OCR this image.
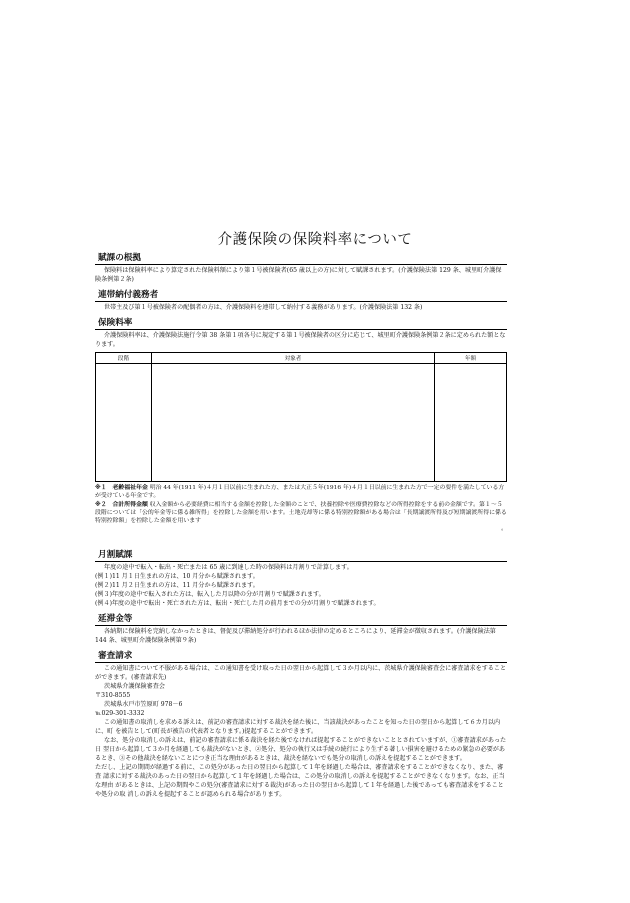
介護保険の保険料率について
賦課の根拠
保険料は保険料率により算定された保険料額により第１号被保険者(65 歳以上の方)に対して賦課されます。(介護保険法第 129 条、城里町介護保険条例第２条)
連帯納付義務者
世帯主及び第１号被保険者の配偶者の方は、介護保険料を連帯して納付する義務があります。(介護保険法第 132 条)
保険料率
介護保険料率は、介護保険法施行令第 38 条第１項各号に規定する第１号被保険者の区分に応じて、城里町介護保険条例第２条に定められた額となります。
段階	対象者	年額

※１　老齢福祉年金 明治 44 年(1911 年)４月１日以前に生まれた方、または大正５年(1916 年)４月１日以前に生まれた方で一定の要件を満たしている方が受けている年金です。
※２　合計所得金額 収入金額から必要経費に相当する金額を控除した金額のことで、扶養控除や医療費控除などの所得控除をする前の金額です。第１～５段階については「公的年金等に係る雑所得」を控除した金額を用います。土地売却等に係る特別控除額がある場合は「長期譲渡所得及び短期譲渡所得に係る 特別控除額」を控除した金額を用います
。
月割賦課

年度の途中で転入・転出・死亡または 65 歳に到達した時の保険料は月割りで計算します。

(例１)11 月１日生まれの方は、10 月分から賦課されます。

(例２)11 月２日生まれの方は、11 月分から賦課されます。

(例３)年度の途中で転入された方は、転入した月以降の分が月割りで賦課されます。

(例４)年度の途中で転出・死亡された方は、転出・死亡した月の前月までの分が月割りで賦課されます。

延滞金等
各納期に保険料を完納しなかったときは、督促及び滞納処分が行われるほか法律の定めるところにより、延滞金が徴収されます。(介護保険法第 144 条、城里町介護保険条例第９条)
審査請求

この通知書について不服がある場合は、この通知書を受け取った日の翌日から起算して３か月以内に、茨城県介護保険審査会に審査請求をすることができます。(審査請求先)

茨城県介護保険審査会

〒310-8555

茨城県水戸市笠原町 978－6

℡029-301-3332

この通知書の取消しを求める訴えは、前記の審査請求に対する裁決を経た後に、当該裁決があったことを知った日の翌日から起算して６カ月以内に、町 を被告として(町長が被告の代表者となります。)提起することができます。

なお、処分の取消しの訴えは、前記の審査請求に係る裁決を経た後でなければ提起することができないこととされていますが、①審査請求があった日 翌日から起算して３か月を経過しても裁決がないとき、②処分、処分の執行又は手続の続行により生ずる著しい損害を避けるための緊急の必要があるとき、③その他裁決を経ないことにつき正当な理由があるときは、裁決を経ないでも処分の取消しの訴えを提起することができます。

ただし、上記の期間が経過する前に、この処分があった日の翌日から起算して１年を経過した場合は、審査請求をすることができなくなり、また、審査 請求に対する裁決のあった日の翌日から起算して１年を経過した場合は、この処分の取消しの訴えを提起することができなくなります。なお、正当な理由 があるときは、上記の期間やこの処分(審査請求に対する裁決)があった日の翌日から起算して１年を経過した後であっても審査請求をすることや処分の取 消しの訴えを提起することが認められる場合があります。
